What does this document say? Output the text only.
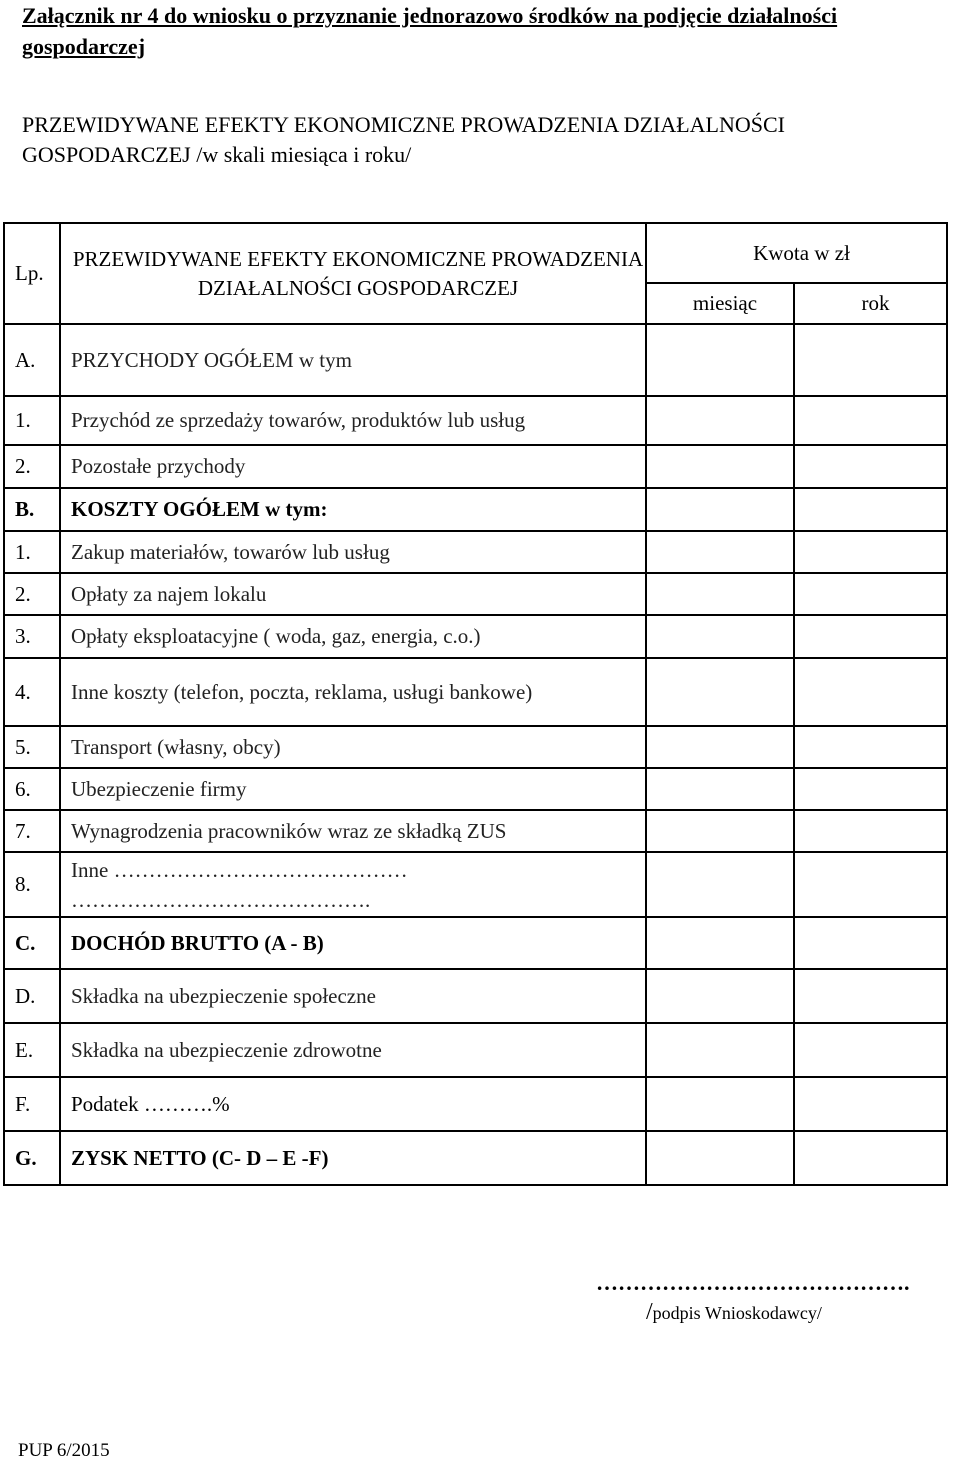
Załącznik nr 4 do wniosku o przyznanie jednorazowo środków na podjęcie działalności gospodarczej
PRZEWIDYWANE EFEKTY EKONOMICZNE PROWADZENIA DZIAŁALNOŚCI GOSPODARCZEJ /w skali miesiąca i roku/
Lp.	PRZEWIDYWANE EFEKTY EKONOMICZNE PROWADZENIA DZIAŁALNOŚCI GOSPODARCZEJ	Kwota w zł	
		miesiąc	rok
A.	PRZYCHODY OGÓŁEM w tym		
1.	Przychód ze sprzedaży towarów, produktów lub usług		
2.	Pozostałe przychody		
B.	KOSZTY OGÓŁEM w tym:		
1.	Zakup materiałów, towarów lub usług		
2.	Opłaty za najem lokalu		
3.	Opłaty eksploatacyjne ( woda, gaz, energia, c.o.)		
4.	Inne koszty (telefon, poczta, reklama, usługi bankowe)		
5.	Transport (własny, obcy)		
6.	Ubezpieczenie firmy		
7.	Wynagrodzenia pracowników wraz ze składką ZUS		
8.	Inne ……………………………………
…………………………………….		

C.	DOCHÓD BRUTTO (A - B)		
D.	Składka na ubezpieczenie społeczne		
E.	Składka na ubezpieczenie zdrowotne		
F.	Podatek ……….%		
G.	ZYSK NETTO (C- D – E -F)		
…………………………………….
/podpis Wnioskodawcy/
PUP 6/2015
